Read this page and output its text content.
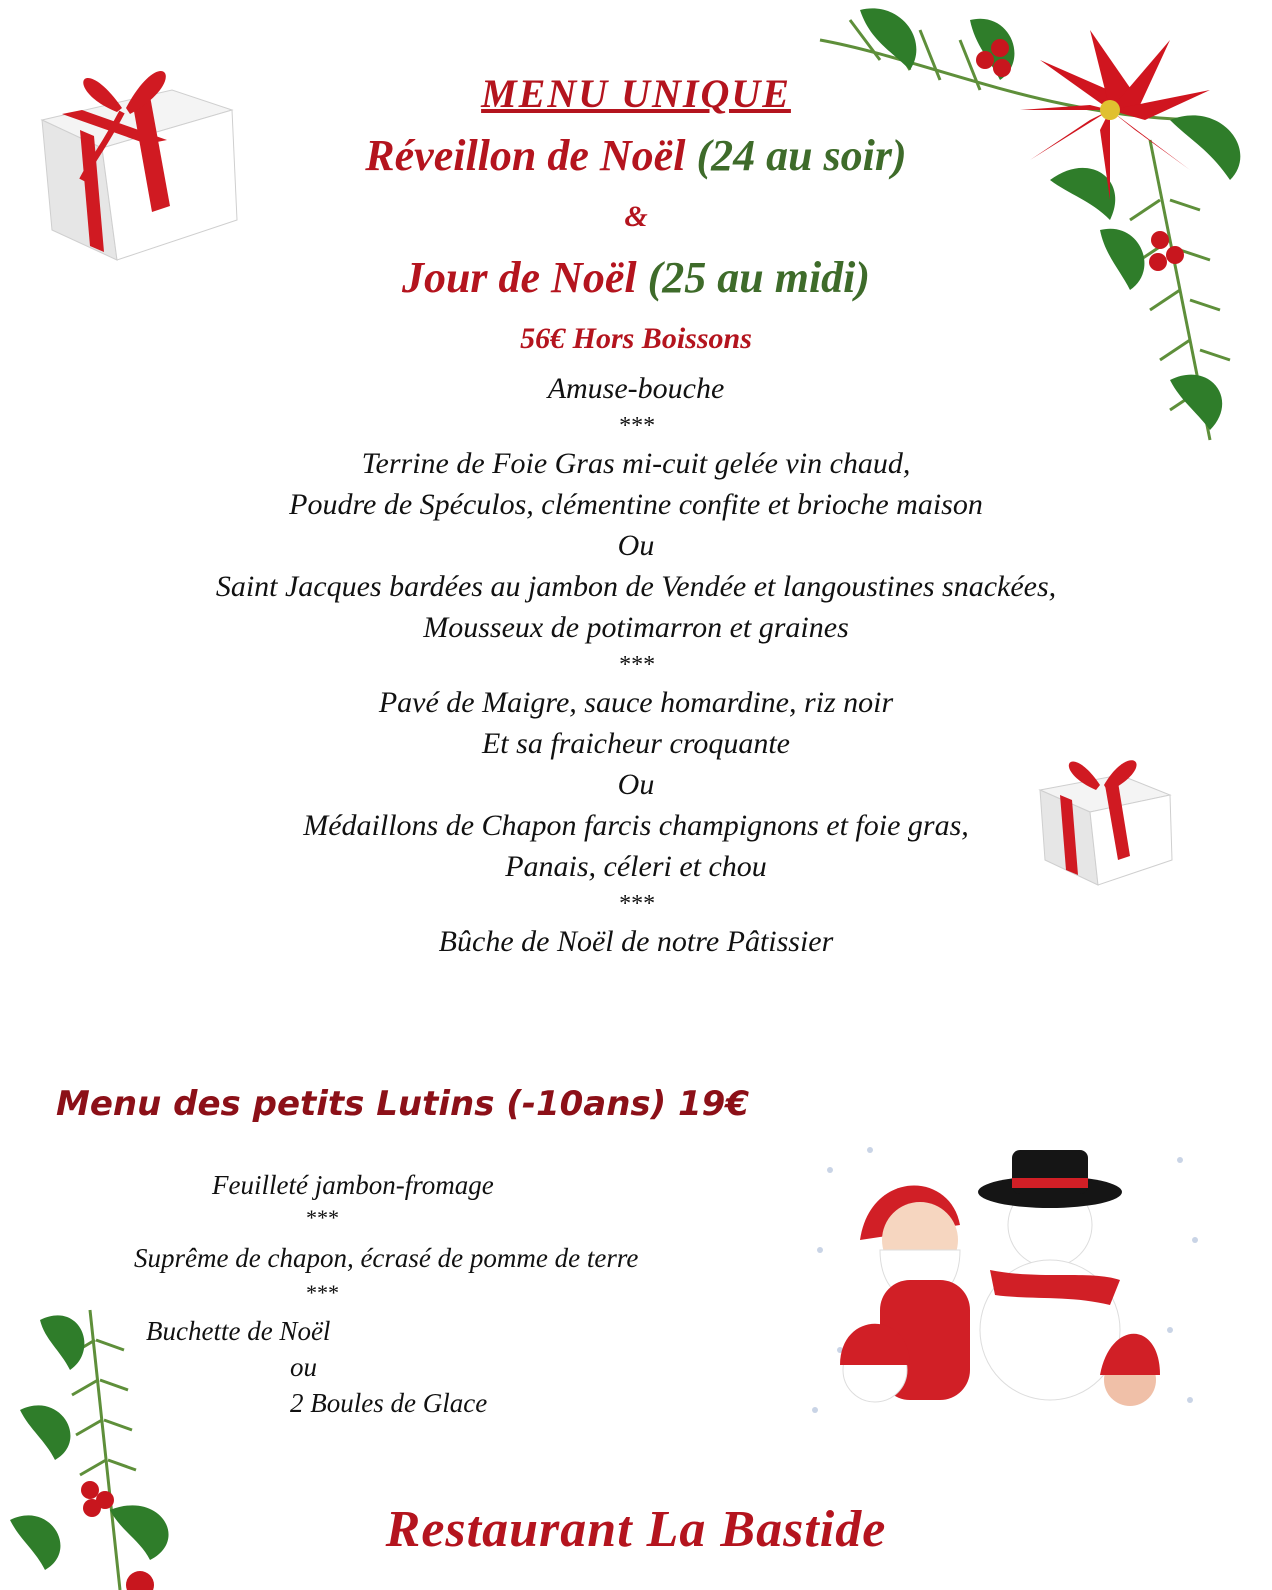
MENU UNIQUE
Réveillon de Noël (24 au soir)
&
Jour de Noël (25 au midi)
56€ Hors Boissons
Amuse-bouche
***
Terrine de Foie Gras mi-cuit gelée vin chaud,
Poudre de Spéculos, clémentine confite et brioche maison
Ou
Saint Jacques bardées au jambon de Vendée et langoustines snackées,
Mousseux de potimarron et graines
***
Pavé de Maigre, sauce homardine, riz noir
Et sa fraicheur croquante
Ou
Médaillons de Chapon farcis champignons et foie gras,
Panais, céleri et chou
***
Bûche de Noël de notre Pâtissier
Menu des petits Lutins (-10ans) 19€
Feuilleté jambon-fromage
***
Suprême de chapon, écrasé de pomme de terre
***
Buchette de Noël
ou
2 Boules de Glace
Restaurant La Bastide
